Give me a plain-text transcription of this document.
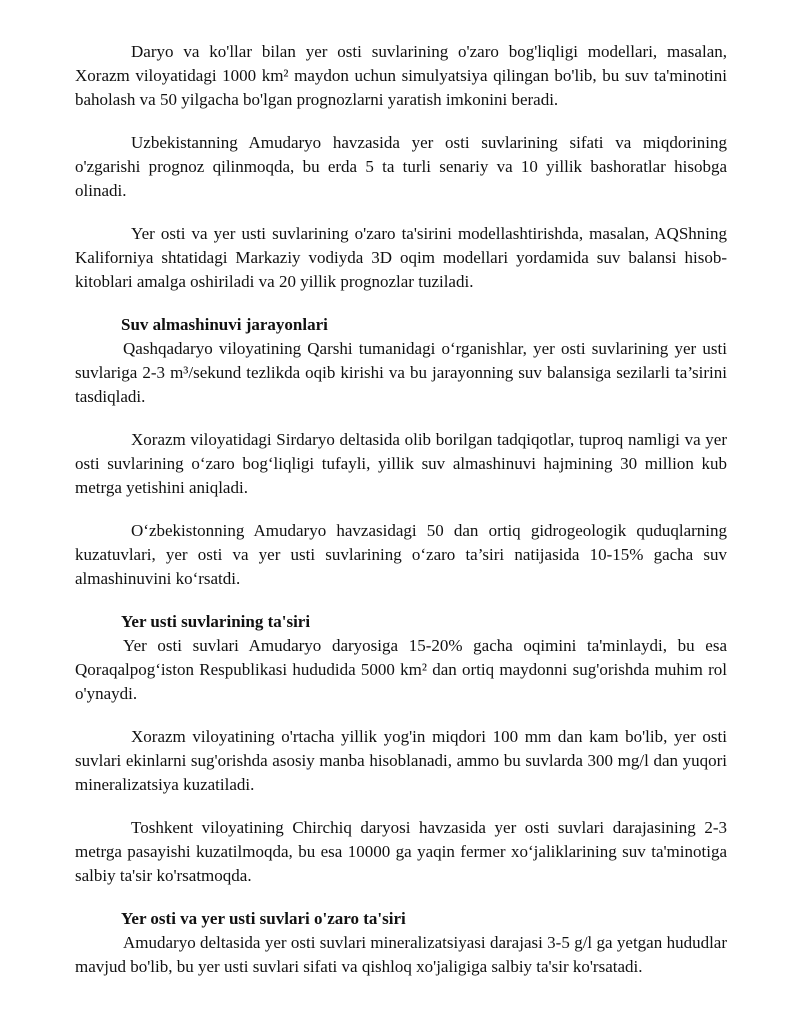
Daryo va ko'llar bilan yer osti suvlarining o'zaro bog'liqligi modellari, masalan, Xorazm viloyatidagi 1000 km² maydon uchun simulyatsiya qilingan bo'lib, bu suv ta'minotini baholash va 50 yilgacha bo'lgan prognozlarni yaratish imkonini beradi.

Uzbekistanning Amudaryo havzasida yer osti suvlarining sifati va miqdorining o'zgarishi prognoz qilinmoqda, bu erda 5 ta turli senariy va 10 yillik bashoratlar hisobga olinadi.

Yer osti va yer usti suvlarining o'zaro ta'sirini modellashtirishda, masalan, AQShning Kaliforniya shtatidagi Markaziy vodiyda 3D oqim modellari yordamida suv balansi hisob-kitoblari amalga oshiriladi va 20 yillik prognozlar tuziladi.

Suv almashinuvi jarayonlari

Qashqadaryo viloyatining Qarshi tumanidagi o‘rganishlar, yer osti suvlarining yer usti suvlariga 2-3 m³/sekund tezlikda oqib kirishi va bu jarayonning suv balansiga sezilarli ta’sirini tasdiqladi.

Xorazm viloyatidagi Sirdaryo deltasida olib borilgan tadqiqotlar, tuproq namligi va yer osti suvlarining o‘zaro bog‘liqligi tufayli, yillik suv almashinuvi hajmining 30 million kub metrga yetishini aniqladi.

O‘zbekistonning Amudaryo havzasidagi 50 dan ortiq gidrogeologik quduqlarning kuzatuvlari, yer osti va yer usti suvlarining o‘zaro ta’siri natijasida 10-15% gacha suv almashinuvini ko‘rsatdi.

Yer usti suvlarining ta'siri

Yer osti suvlari Amudaryo daryosiga 15-20% gacha oqimini ta'minlaydi, bu esa Qoraqalpog‘iston Respublikasi hududida 5000 km² dan ortiq maydonni sug'orishda muhim rol o'ynaydi.

Xorazm viloyatining o'rtacha yillik yog'in miqdori 100 mm dan kam bo'lib, yer osti suvlari ekinlarni sug'orishda asosiy manba hisoblanadi, ammo bu suvlarda 300 mg/l dan yuqori mineralizatsiya kuzatiladi.

Toshkent viloyatining Chirchiq daryosi havzasida yer osti suvlari darajasining 2-3 metrga pasayishi kuzatilmoqda, bu esa 10000 ga yaqin fermer xo‘jaliklarining suv ta'minotiga salbiy ta'sir ko'rsatmoqda.

Yer osti va yer usti suvlari o'zaro ta'siri

Amudaryo deltasida yer osti suvlari mineralizatsiyasi darajasi 3-5 g/l ga yetgan hududlar mavjud bo'lib, bu yer usti suvlari sifati va qishloq xo'jaligiga salbiy ta'sir ko'rsatadi.
